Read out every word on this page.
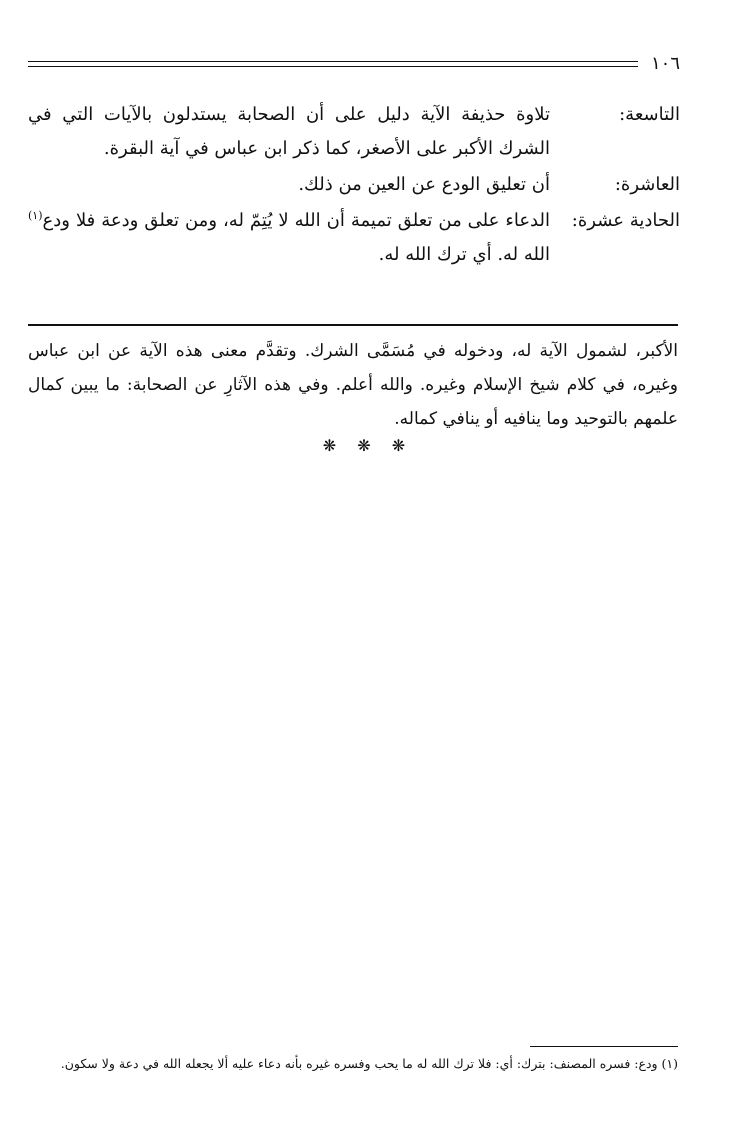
١٠٦
التاسعة:
تلاوة حذيفة الآية دليل على أن الصحابة يستدلون بالآيات التي في الشرك الأكبر على الأصغر، كما ذكر ابن عباس في آية البقرة.
العاشرة:
أن تعليق الودع عن العين من ذلك.
الحادية عشرة:
الدعاء على من تعلق تميمة أن الله لا يُتِمّ له، ومن تعلق ودعة فلا ودع$^{(١)}$ الله له. أي ترك الله له.
الأكبر، لشمول الآية له، ودخوله في مُسَمَّى الشرك. وتقدَّم معنى هذه الآية عن ابن عباس وغيره، في كلام شيخ الإسلام وغيره. والله أعلم. وفي هذه الآثارِ عن الصحابة: ما يبين كمال علمهم بالتوحيد وما ينافيه أو ينافي كماله.
❋ ❋ ❋
(١) ودع: فسره المصنف: بترك: أي: فلا ترك الله له ما يحب وفسره غيره بأنه دعاء عليه ألا يجعله الله في دعة ولا سكون.
